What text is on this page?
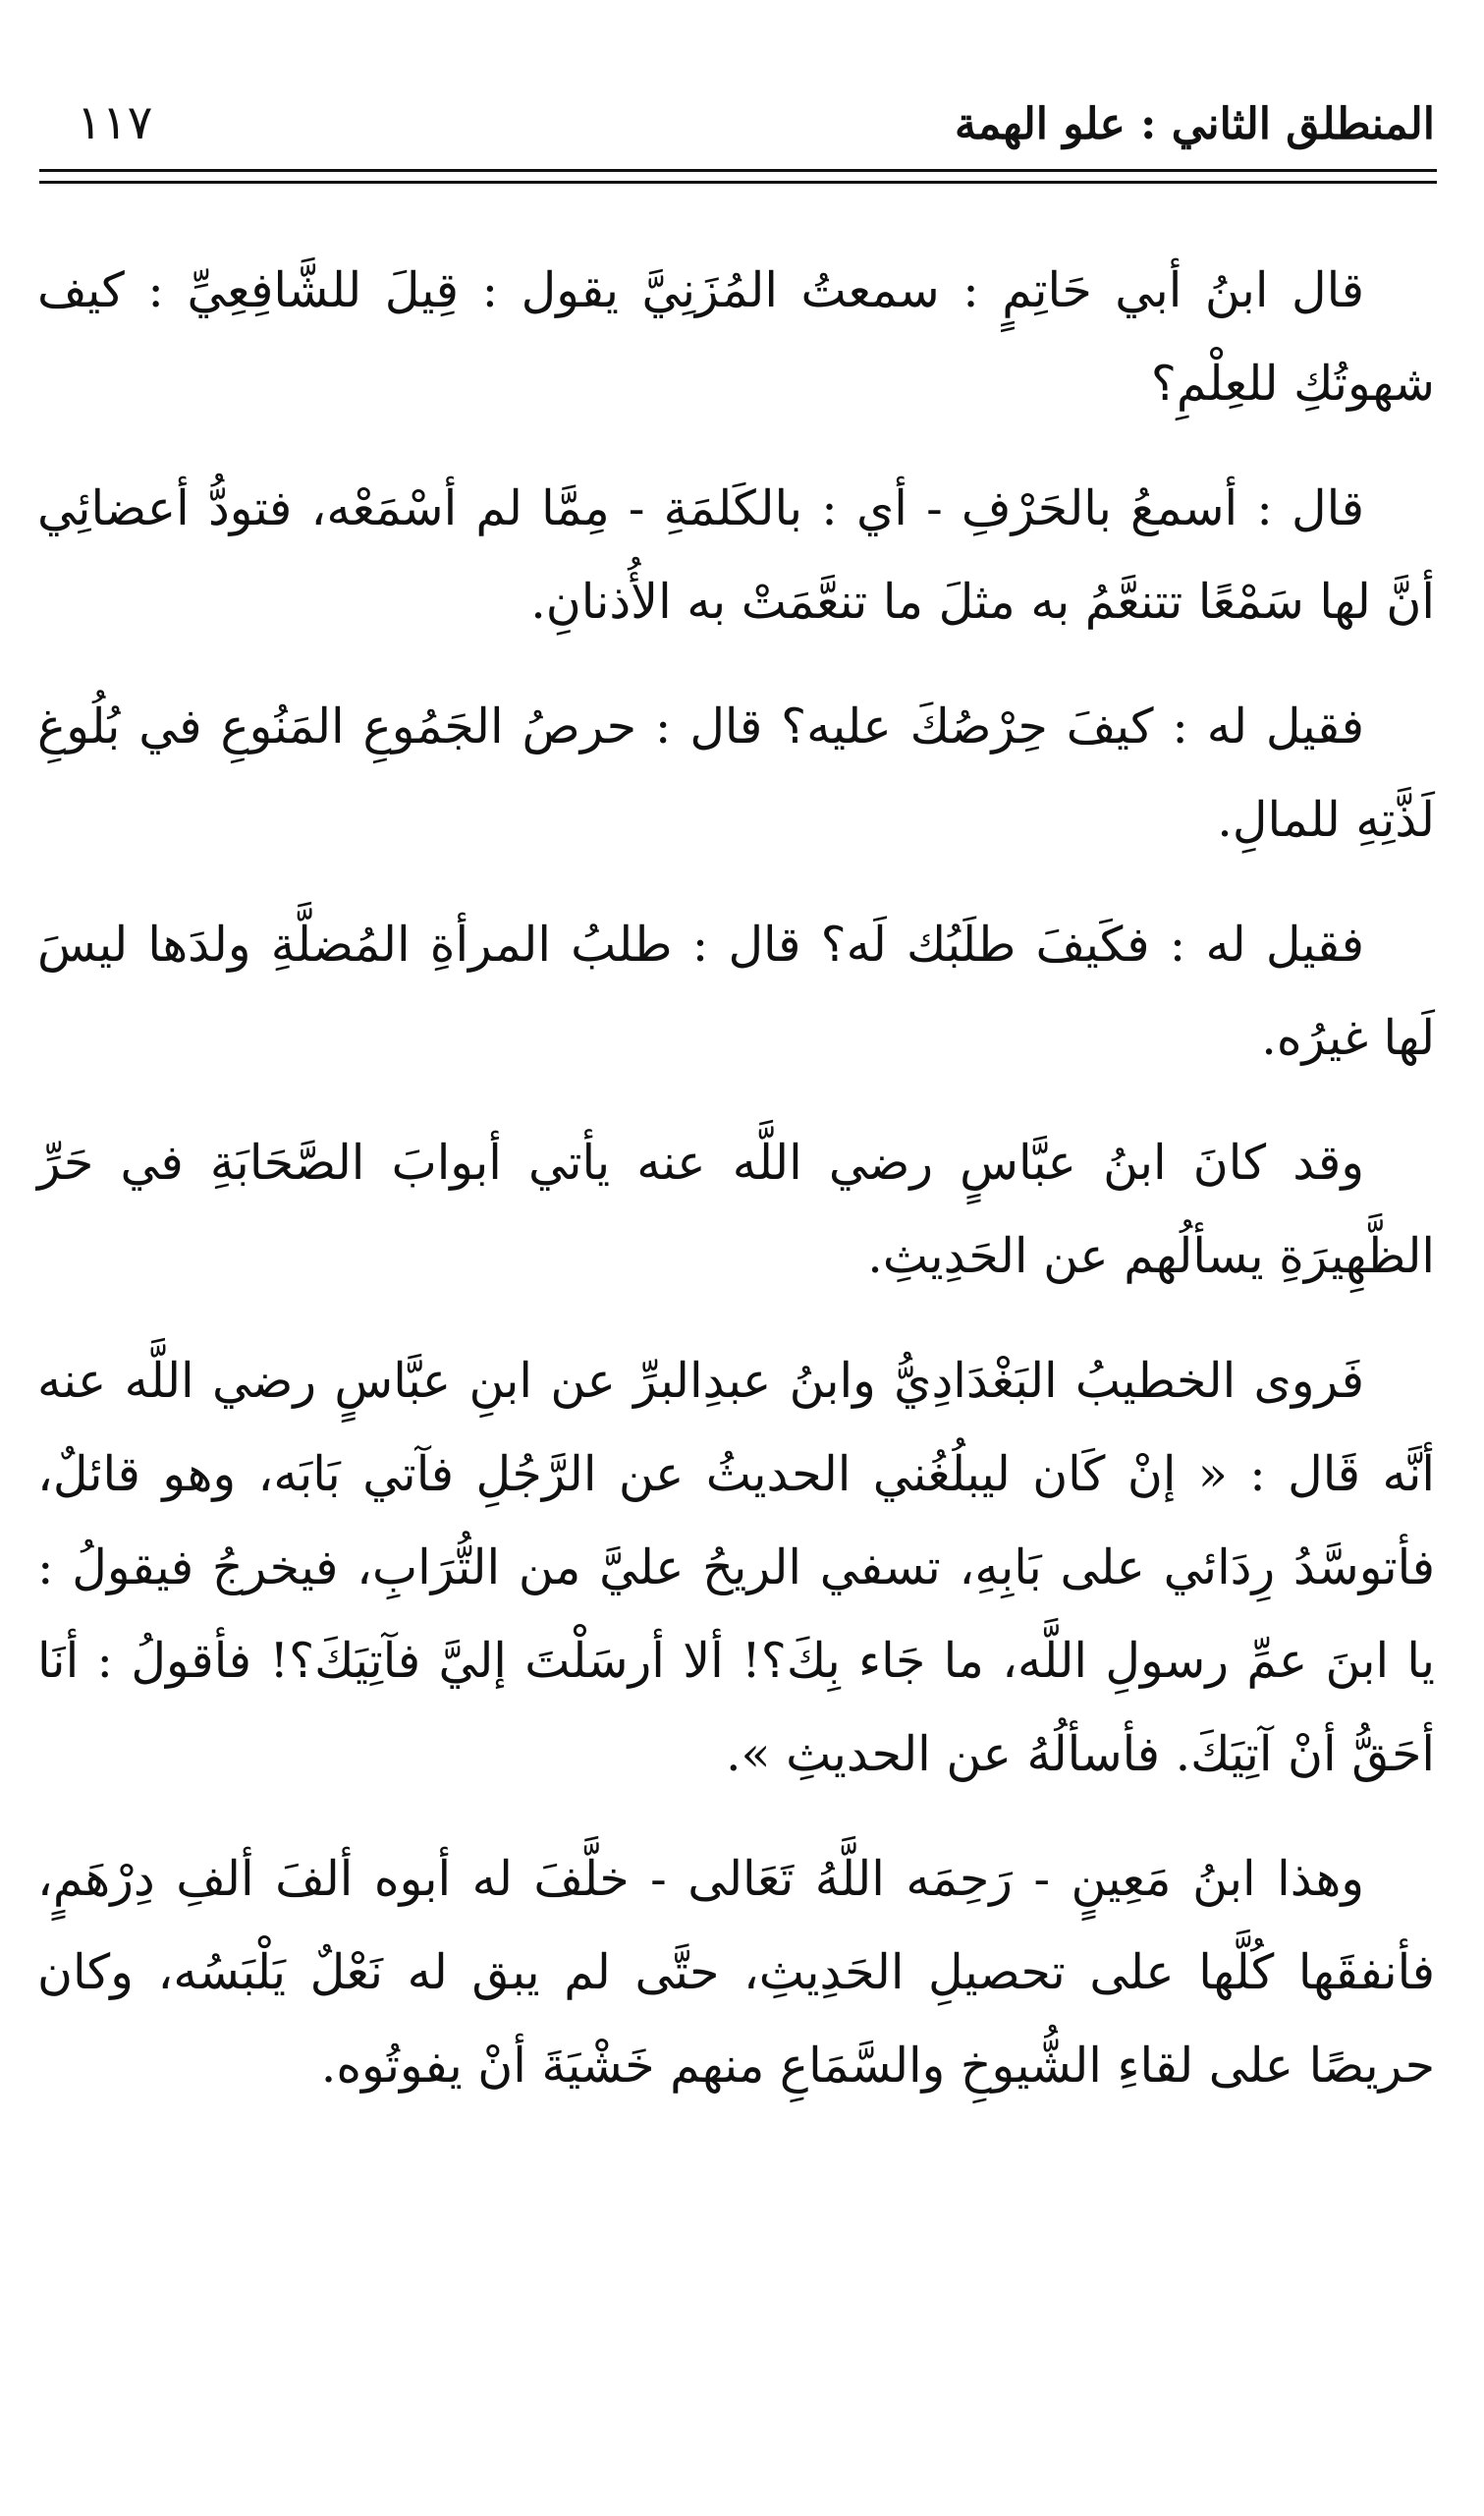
المنطلق الثاني : علو الهمة
١١٧

قال ابنُ أبي حَاتِمٍ : سمعتُ المُزَنِيَّ يقول : قِيلَ للشَّافِعِيِّ : كيف شهوتُكِ للعِلْمِ؟

قال : أسمعُ بالحَرْفِ - أي : بالكَلمَةِ - مِمَّا لم أسْمَعْه، فتودُّ أعضائِي أنَّ لها سَمْعًا تتنعَّمُ به مثلَ ما تنعَّمَتْ به الأُذنانِ.

فقيل له : كيفَ حِرْصُكَ عليه؟ قال : حرصُ الجَمُوعِ المَنُوعِ في بُلُوغِ لَذَّتِهِ للمالِ.

فقيل له : فكَيفَ طلَبُك لَه؟ قال : طلبُ المرأةِ المُضلَّةِ ولدَها ليسَ لَها غيرُه.

وقد كانَ ابنُ عبَّاسٍ رضي اللَّه عنه يأتي أبوابَ الصَّحَابَةِ في حَرِّ الظَّهِيرَةِ يسألُهم عن الحَدِيثِ.

فَروى الخطيبُ البَغْدَادِيُّ وابنُ عبدِالبرِّ عن ابنِ عبَّاسٍ رضي اللَّه عنه أنَّه قَال : « إنْ كَان ليبلُغُني الحديثُ عن الرَّجُلِ فآتي بَابَه، وهو قائلٌ، فأتوسَّدُ رِدَائي على بَابِهِ، تسفي الريحُ عليَّ من التُّرَابِ، فيخرجُ فيقولُ : يا ابنَ عمِّ رسولِ اللَّه، ما جَاء بِكَ؟! ألا أرسَلْتَ إليَّ فآتِيَكَ؟! فأقولُ : أنَا أحَقُّ أنْ آتِيَكَ. فأسألُهُ عن الحديثِ ».

وهذا ابنُ مَعِينٍ - رَحِمَه اللَّهُ تَعَالى - خلَّفَ له أبوه ألفَ ألفِ دِرْهَمٍ، فأنفقَها كُلَّها على تحصيلِ الحَدِيثِ، حتَّى لم يبق له نَعْلٌ يَلْبَسُه، وكان حريصًا على لقاءِ الشُّيوخِ والسَّمَاعِ منهم خَشْيَةَ أنْ يفوتُوه.
